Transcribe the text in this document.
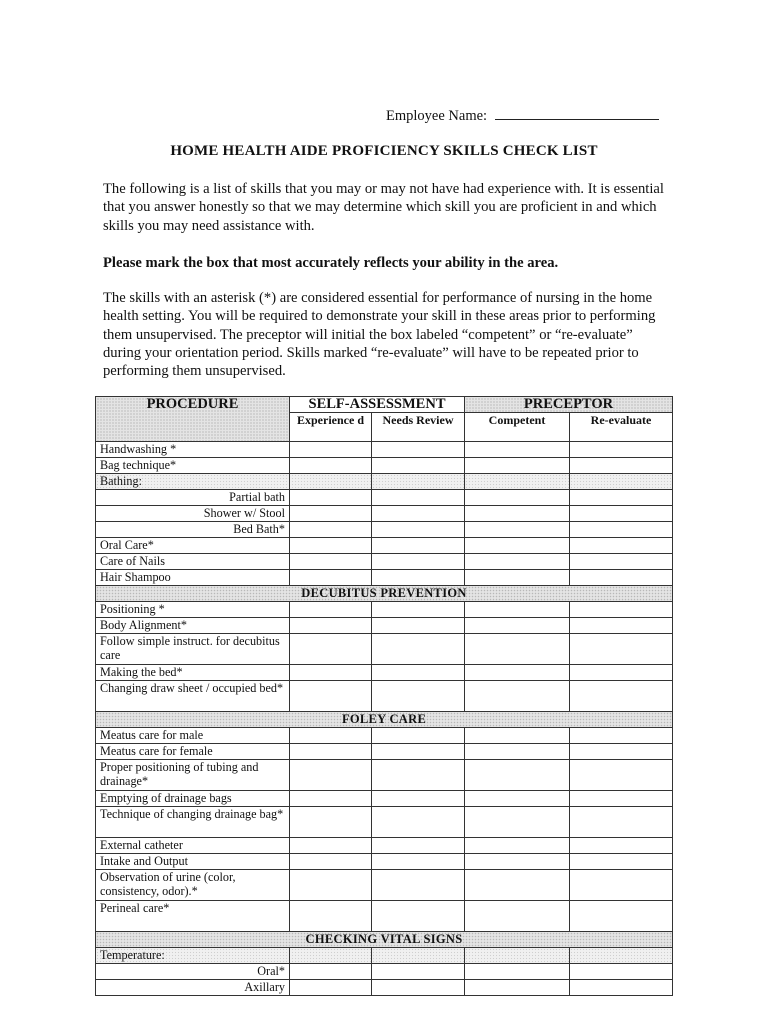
Employee Name:
HOME HEALTH AIDE PROFICIENCY SKILLS CHECK LIST
The following is a list of skills that you may or may not have had experience with. It is essential that you answer honestly so that we may determine which skill you are proficient in and which skills you may need assistance with.
Please mark the box that most accurately reflects your ability in the area.
The skills with an asterisk (*) are considered essential for performance of nursing in the home health setting. You will be required to demonstrate your skill in these areas prior to performing them unsupervised. The preceptor will initial the box labeled “competent” or “re-evaluate” during your orientation period. Skills marked “re-evaluate” will have to be repeated prior to performing them unsupervised.
PROCEDURE	SELF-ASSESSMENT		PRECEPTOR	
	Experience d	Needs Review	Competent	Re-evaluate
Handwashing *				
Bag technique*				
Bathing:				
Partial bath				
Shower w/ Stool				
Bed Bath*				
Oral Care*				
Care of Nails				
Hair Shampoo				
DECUBITUS PREVENTION				
Positioning *				
Body Alignment*				
Follow simple instruct. for decubitus care				
Making the bed*				
Changing draw sheet / occupied bed*				
FOLEY CARE				
Meatus care for male				
Meatus care for female				
Proper positioning of tubing and drainage*				
Emptying of drainage bags				
Technique of changing drainage bag*				
External catheter				
Intake and Output				
Observation of urine (color, consistency, odor).*				
Perineal care*				
CHECKING VITAL SIGNS				
Temperature:				
Oral*				
Axillary				
